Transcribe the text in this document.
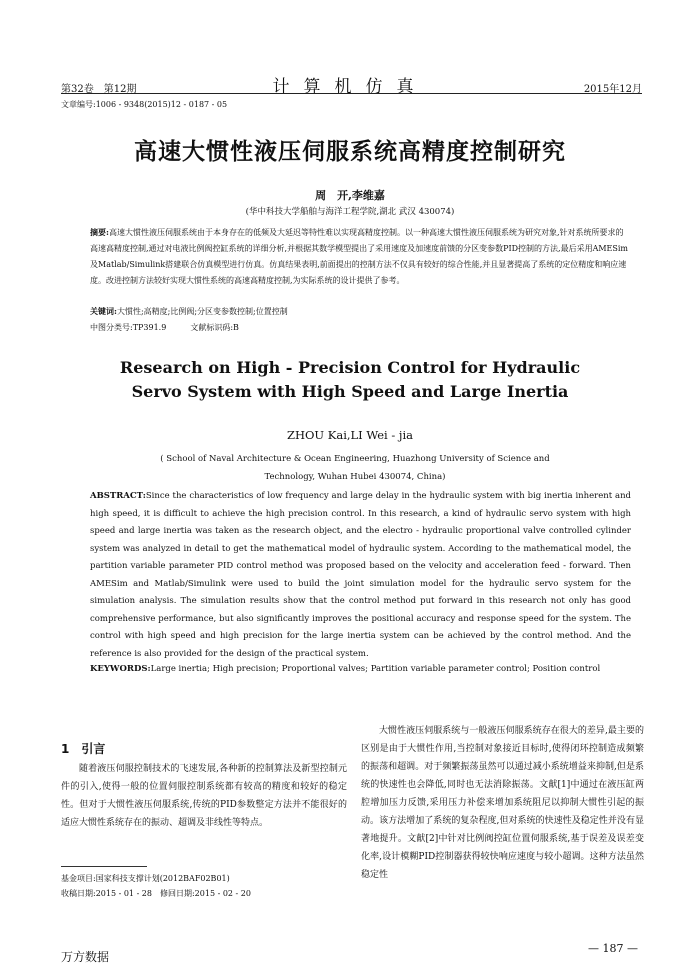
第32卷　第12期	计算机仿真	2015年12月
文章编号:1006 - 9348(2015)12 - 0187 - 05
高速大惯性液压伺服系统高精度控制研究
周　开,李维嘉
(华中科技大学船舶与海洋工程学院,湖北 武汉 430074)
摘要:高速大惯性液压伺服系统由于本身存在的低频及大延迟等特性难以实现高精度控制。以一种高速大惯性液压伺服系统为研究对象,针对系统所要求的高速高精度控制,通过对电液比例阀控缸系统的详细分析,并根据其数学模型提出了采用速度及加速度前馈的分区变参数PID控制的方法,最后采用AMESim及Matlab/Simulink搭建联合仿真模型进行仿真。仿真结果表明,前面提出的控制方法不仅具有较好的综合性能,并且显著提高了系统的定位精度和响应速度。改进控制方法较好实现大惯性系统的高速高精度控制,为实际系统的设计提供了参考。
关键词:大惯性;高精度;比例阀;分区变参数控制;位置控制
中图分类号:TP391.9	文献标识码:B
Research on High - Precision Control for Hydraulic
Servo System with High Speed and Large Inertia
ZHOU Kai,LI Wei - jia
( School of Naval Architecture & Ocean Engineering, Huazhong University of Science and Technology, Wuhan Hubei 430074, China)
ABSTRACT:Since the characteristics of low frequency and large delay in the hydraulic system with big inertia inherent and high speed, it is difficult to achieve the high precision control. In this research, a kind of hydraulic servo system with high speed and large inertia was taken as the research object, and the electro - hydraulic proportional valve controlled cylinder system was analyzed in detail to get the mathematical model of hydraulic system. According to the mathematical model, the partition variable parameter PID control method was proposed based on the velocity and acceleration feed - forward. Then AMESim and Matlab/Simulink were used to build the joint simulation model for the hydraulic servo system for the simulation analysis. The simulation results show that the control method put forward in this research not only has good comprehensive performance, but also significantly improves the positional accuracy and response speed for the system. The control with high speed and high precision for the large inertia system can be achieved by the control method. And the reference is also provided for the design of the practical system.
KEYWORDS:Large inertia; High precision; Proportional valves; Partition variable parameter control; Position control
1　引言

随着液压伺服控制技术的飞速发展,各种新的控制算法及新型控制元件的引入,使得一般的位置伺服控制系统都有较高的精度和较好的稳定性。但对于大惯性液压伺服系统,传统的PID参数整定方法并不能很好的适应大惯性系统存在的振动、超调及非线性等特点。

大惯性液压伺服系统与一般液压伺服系统存在很大的差异,最主要的区别是由于大惯性作用,当控制对象接近目标时,使得闭环控制造成频繁的振荡和超调。对于频繁振荡虽然可以通过减小系统增益来抑制,但是系统的快速性也会降低,同时也无法消除振荡。文献[1]中通过在液压缸两腔增加压力反馈,采用压力补偿来增加系统阻尼以抑制大惯性引起的振动。该方法增加了系统的复杂程度,但对系统的快速性及稳定性并没有显著地提升。文献[2]中针对比例阀控缸位置伺服系统,基于误差及误差变化率,设计模糊PID控制器获得较快响应速度与较小超调。这种方法虽然稳定性

基金项目:国家科技支撑计划(2012BAF02B01)
收稿日期:2015 - 01 - 28　修回日期:2015 - 02 - 20
— 187 —
万方数据
